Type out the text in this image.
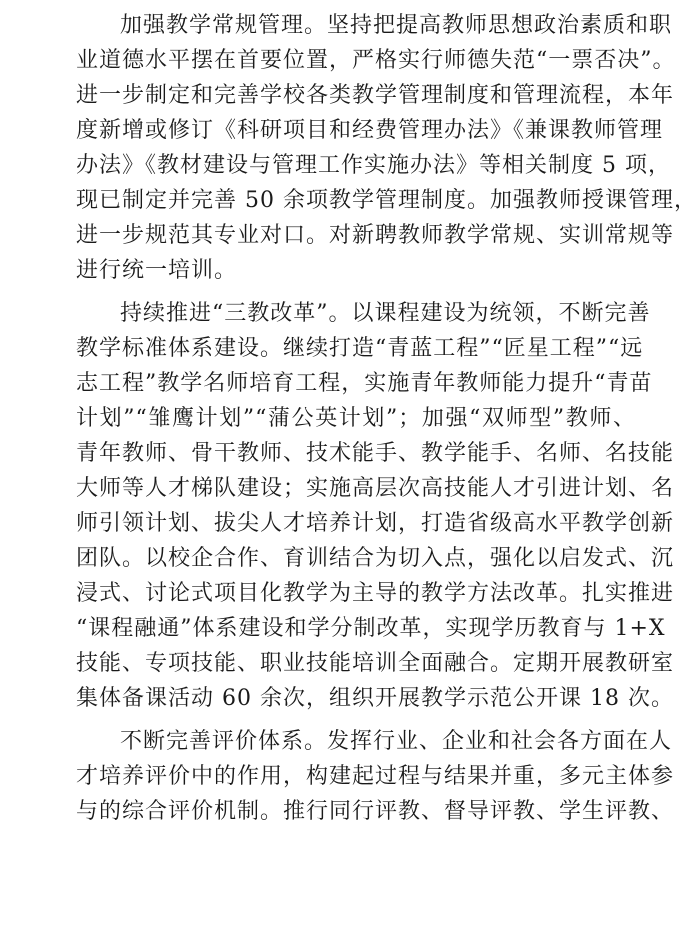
加强教学常规管理。坚持把提高教师思想政治素质和职
业道德水平摆在首要位置，严格实行师德失范“一票否决”。
进一步制定和完善学校各类教学管理制度和管理流程，本年
度新增或修订《科研项目和经费管理办法》《兼课教师管理
办法》《教材建设与管理工作实施办法》等相关制度 5 项，
现已制定并完善 50 余项教学管理制度。加强教师授课管理，
进一步规范其专业对口。对新聘教师教学常规、实训常规等
进行统一培训。
持续推进“三教改革”。以课程建设为统领，不断完善
教学标准体系建设。继续打造“青蓝工程”“匠星工程”“远
志工程”教学名师培育工程，实施青年教师能力提升“青苗
计划”“雏鹰计划”“蒲公英计划”；加强“双师型”教师、
青年教师、骨干教师、技术能手、教学能手、名师、名技能
大师等人才梯队建设；实施高层次高技能人才引进计划、名
师引领计划、拔尖人才培养计划，打造省级高水平教学创新
团队。以校企合作、育训结合为切入点，强化以启发式、沉
浸式、讨论式项目化教学为主导的教学方法改革。扎实推进
“课程融通”体系建设和学分制改革，实现学历教育与 1+X
技能、专项技能、职业技能培训全面融合。定期开展教研室
集体备课活动 60 余次，组织开展教学示范公开课 18 次。
不断完善评价体系。发挥行业、企业和社会各方面在人
才培养评价中的作用，构建起过程与结果并重，多元主体参
与的综合评价机制。推行同行评教、督导评教、学生评教、
